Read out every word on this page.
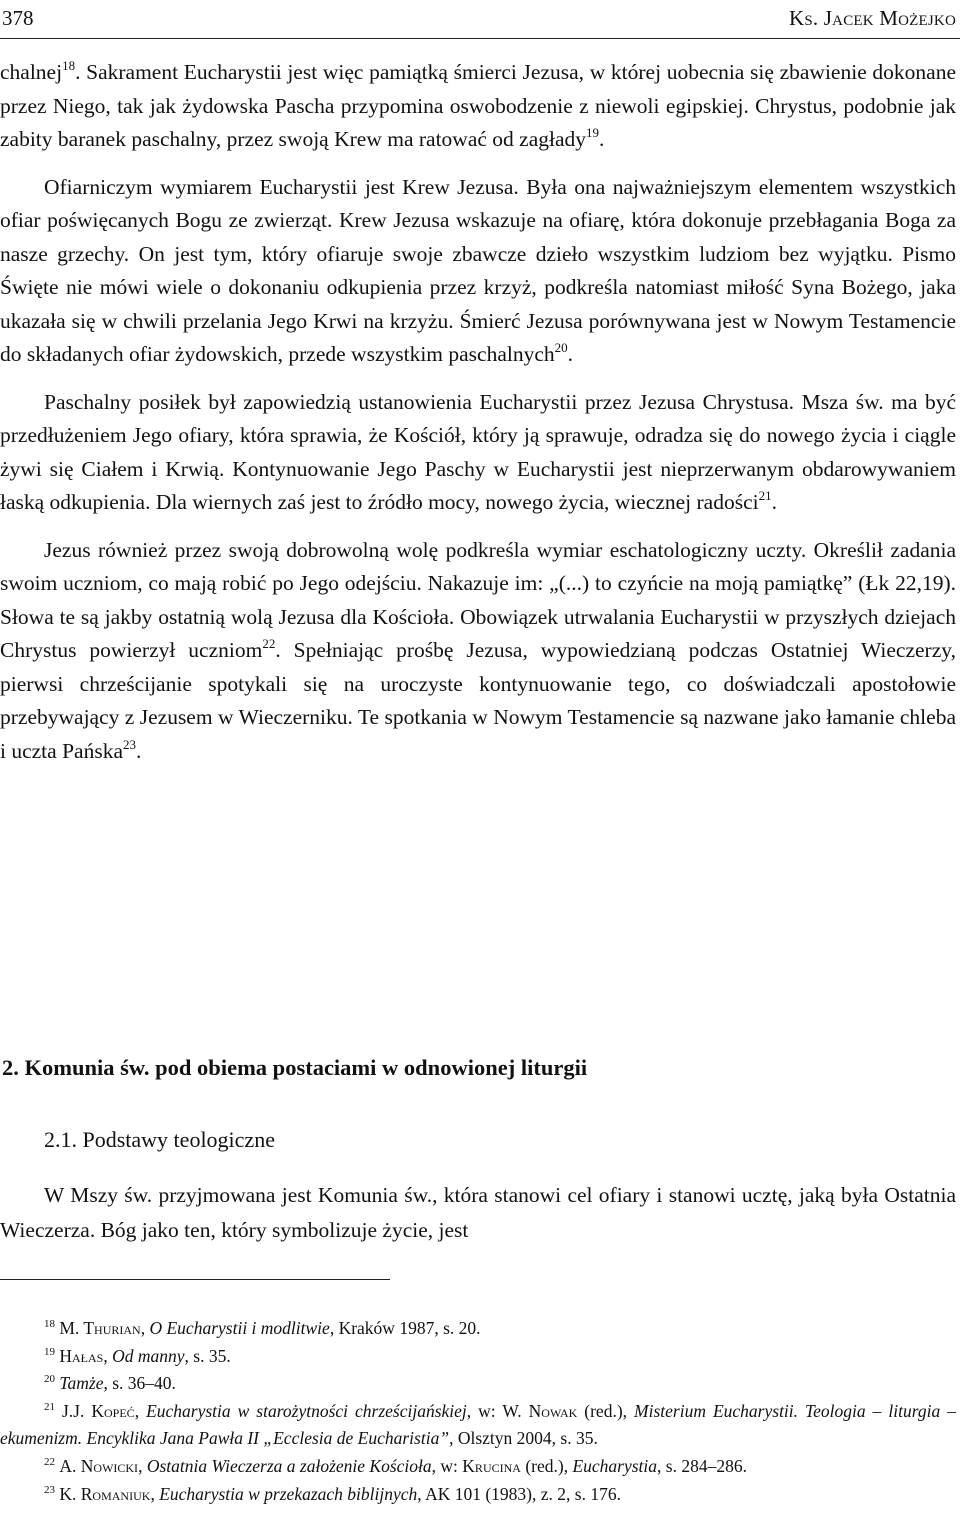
378	Ks. Jacek Możejko

chalnej$^{18}$. Sakrament Eucharystii jest więc pamiątką śmierci Jezusa, w której uobecnia się zbawienie dokonane przez Niego, tak jak żydowska Pascha przypomina oswobodzenie z niewoli egipskiej. Chrystus, podobnie jak zabity baranek paschalny, przez swoją Krew ma ratować od zagłady$^{19}$.

Ofiarniczym wymiarem Eucharystii jest Krew Jezusa. Była ona najważniejszym elementem wszystkich ofiar poświęcanych Bogu ze zwierząt. Krew Jezusa wskazuje na ofiarę, która dokonuje przebłagania Boga za nasze grzechy. On jest tym, który ofiaruje swoje zbawcze dzieło wszystkim ludziom bez wyjątku. Pismo Święte nie mówi wiele o dokonaniu odkupienia przez krzyż, podkreśla natomiast miłość Syna Bożego, jaka ukazała się w chwili przelania Jego Krwi na krzyżu. Śmierć Jezusa porównywana jest w Nowym Testamencie do składanych ofiar żydowskich, przede wszystkim paschalnych$^{20}$.

Paschalny posiłek był zapowiedzią ustanowienia Eucharystii przez Jezusa Chrystusa. Msza św. ma być przedłużeniem Jego ofiary, która sprawia, że Kościół, który ją sprawuje, odradza się do nowego życia i ciągle żywi się Ciałem i Krwią. Kontynuowanie Jego Paschy w Eucharystii jest nieprzerwanym obdarowywaniem łaską odkupienia. Dla wiernych zaś jest to źródło mocy, nowego życia, wiecznej radości$^{21}$.

Jezus również przez swoją dobrowolną wolę podkreśla wymiar eschatologiczny uczty. Określił zadania swoim uczniom, co mają robić po Jego odejściu. Nakazuje im: „(...) to czyńcie na moją pamiątkę” (Łk 22,19). Słowa te są jakby ostatnią wolą Jezusa dla Kościoła. Obowiązek utrwalania Eucharystii w przyszłych dziejach Chrystus powierzył uczniom$^{22}$. Spełniając prośbę Jezusa, wypowiedzianą podczas Ostatniej Wieczerzy, pierwsi chrześcijanie spotykali się na uroczyste kontynuowanie tego, co doświadczali apostołowie przebywający z Jezusem w Wieczerniku. Te spotkania w Nowym Testamencie są nazwane jako łamanie chleba i uczta Pańska$^{23}$.

2. Komunia św. pod obiema postaciami w odnowionej liturgii
2.1. Podstawy teologiczne

W Mszy św. przyjmowana jest Komunia św., która stanowi cel ofiary i stanowi ucztę, jaką była Ostatnia Wieczerza. Bóg jako ten, który symbolizuje życie, jest

$^{18}$ M. Thurian, O Eucharystii i modlitwie, Kraków 1987, s. 20.

$^{19}$ Hałas, Od manny, s. 35.

$^{20}$ Tamże, s. 36–40.

$^{21}$ J.J. Kopeć, Eucharystia w starożytności chrześcijańskiej, w: W. Nowak (red.), Misterium Eucharystii. Teologia – liturgia – ekumenizm. Encyklika Jana Pawła II „Ecclesia de Eucharistia”, Olsztyn 2004, s. 35.

$^{22}$ A. Nowicki, Ostatnia Wieczerza a założenie Kościoła, w: Krucina (red.), Eucharystia, s. 284–286.

$^{23}$ K. Romaniuk, Eucharystia w przekazach biblijnych, AK 101 (1983), z. 2, s. 176.
